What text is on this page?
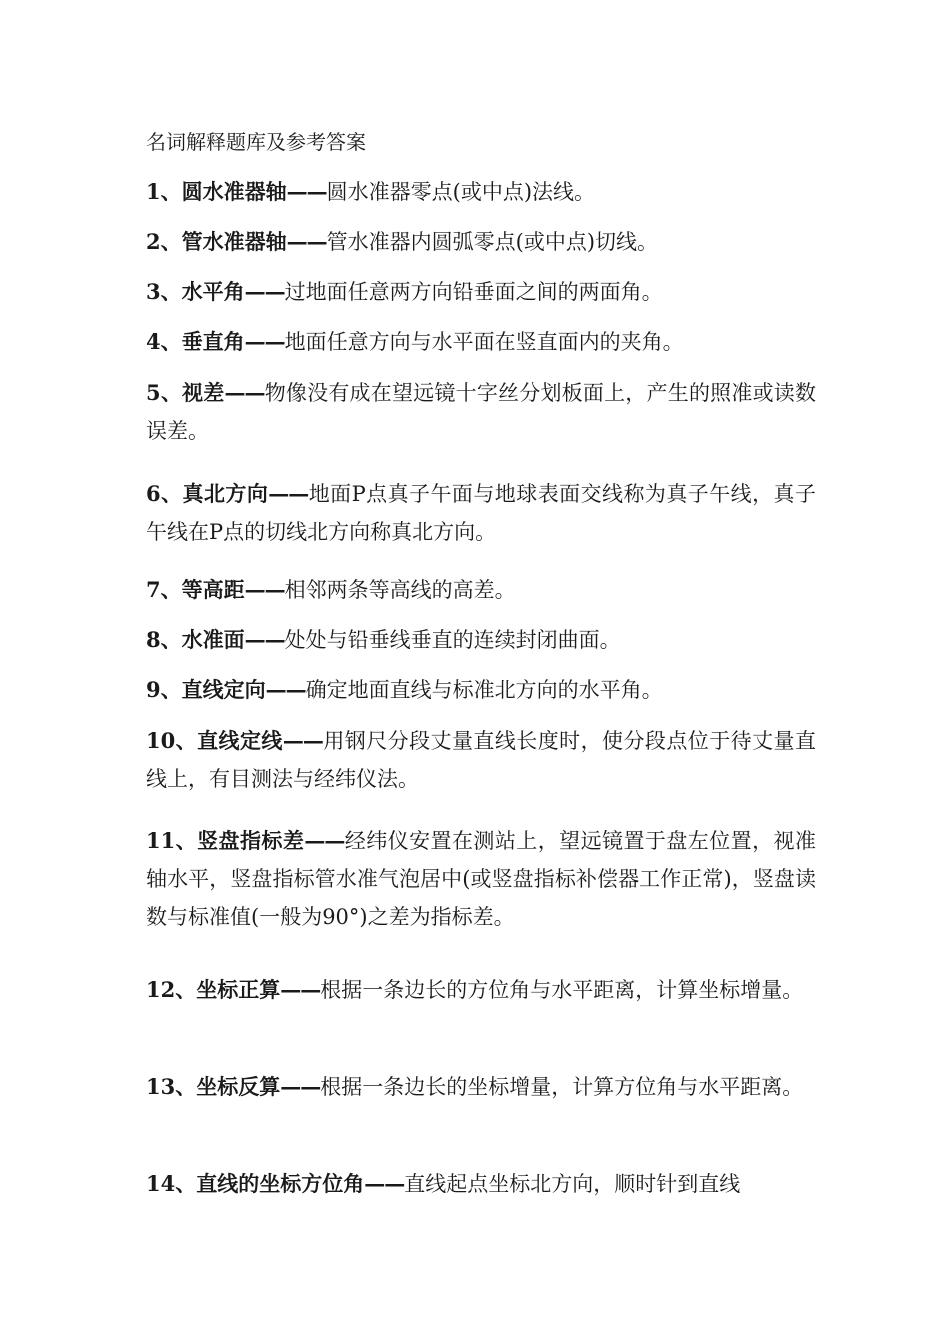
名词解释题库及参考答案
1、圆水准器轴——圆水准器零点(或中点)法线。
2、管水准器轴——管水准器内圆弧零点(或中点)切线。
3、水平角——过地面任意两方向铅垂面之间的两面角。
4、垂直角——地面任意方向与水平面在竖直面内的夹角。
5、视差——物像没有成在望远镜十字丝分划板面上，产生的照准或读数误差。
6、真北方向——地面P点真子午面与地球表面交线称为真子午线，真子午线在P点的切线北方向称真北方向。
7、等高距——相邻两条等高线的高差。
8、水准面——处处与铅垂线垂直的连续封闭曲面。
9、直线定向——确定地面直线与标准北方向的水平角。
10、直线定线——用钢尺分段丈量直线长度时，使分段点位于待丈量直线上，有目测法与经纬仪法。
11、竖盘指标差——经纬仪安置在测站上，望远镜置于盘左位置，视准轴水平，竖盘指标管水准气泡居中(或竖盘指标补偿器工作正常)，竖盘读数与标准值(一般为90°)之差为指标差。
12、坐标正算——根据一条边长的方位角与水平距离，计算坐标增量。
13、坐标反算——根据一条边长的坐标增量，计算方位角与水平距离。
14、直线的坐标方位角——直线起点坐标北方向，顺时针到直线
